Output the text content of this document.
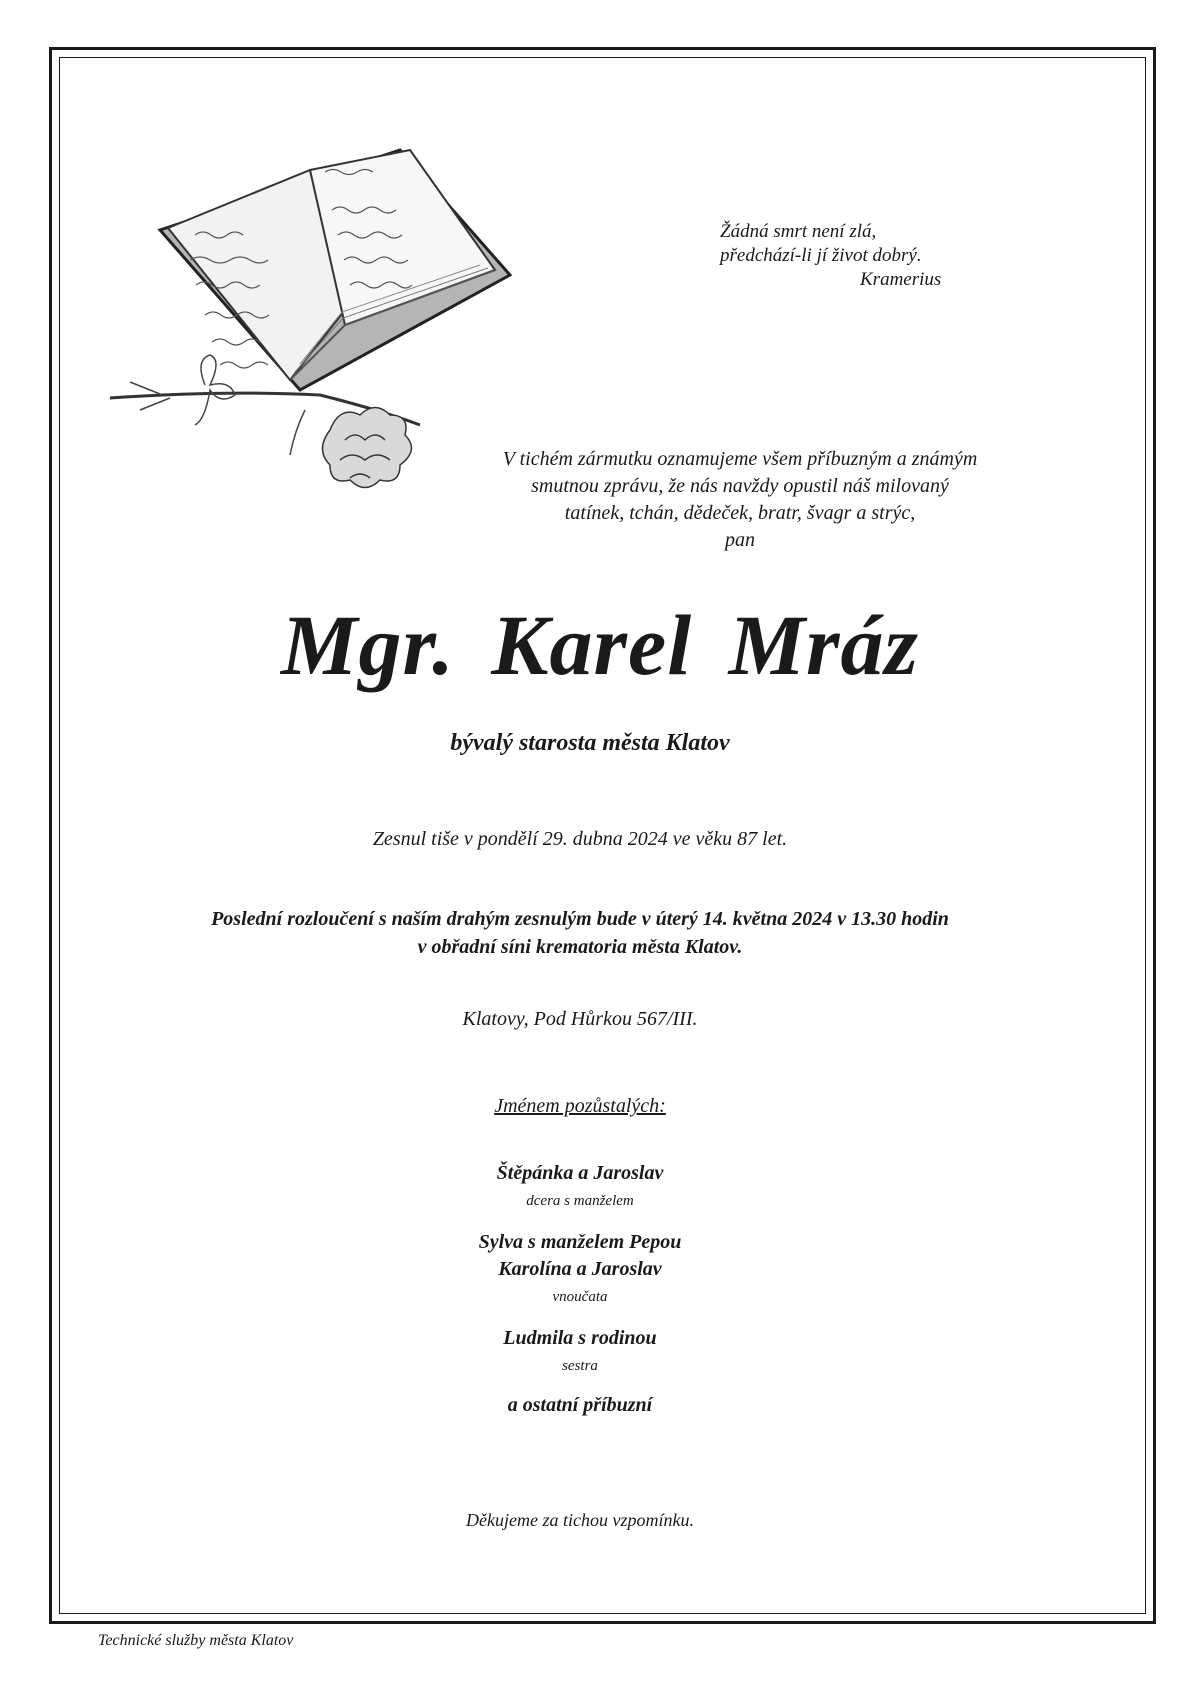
Žádná smrt není zlá,
předchází-li jí život dobrý.
Kramerius
V tichém zármutku oznamujeme všem příbuzným a známým
smutnou zprávu, že nás navždy opustil náš milovaný
tatínek, tchán, dědeček, bratr, švagr a strýc,
pan
Mgr. Karel Mráz
bývalý starosta města Klatov
Zesnul tiše v pondělí 29. dubna 2024 ve věku 87 let.
Poslední rozloučení s naším drahým zesnulým bude v úterý 14. května 2024 v 13.30 hodin
v obřadní síni krematoria města Klatov.
Klatovy, Pod Hůrkou 567/III.
Jménem pozůstalých:
Štěpánka a Jaroslav
dcera s manželem
Sylva s manželem Pepou
Karolína a Jaroslav
vnoučata
Ludmila s rodinou
sestra
a ostatní příbuzní
Děkujeme za tichou vzpomínku.
Technické služby města Klatov
